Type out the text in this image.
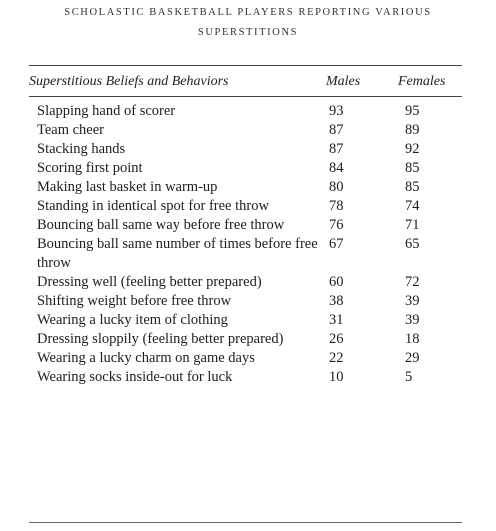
SCHOLASTIC BASKETBALL PLAYERS REPORTING VARIOUS
SUPERSTITIONS
Superstitious Beliefs and Behaviors	Males	Females
Slapping hand of scorer	93	95
Team cheer	87	89
Stacking hands	87	92
Scoring first point	84	85
Making last basket in warm-up	80	85
Standing in identical spot for free throw	78	74
Bouncing ball same way before free throw	76	71
Bouncing ball same number of times before free throw	67	65
Dressing well (feeling better prepared)	60	72
Shifting weight before free throw	38	39
Wearing a lucky item of clothing	31	39
Dressing sloppily (feeling better prepared)	26	18
Wearing a lucky charm on game days	22	29
Wearing socks inside-out for luck	10	5
